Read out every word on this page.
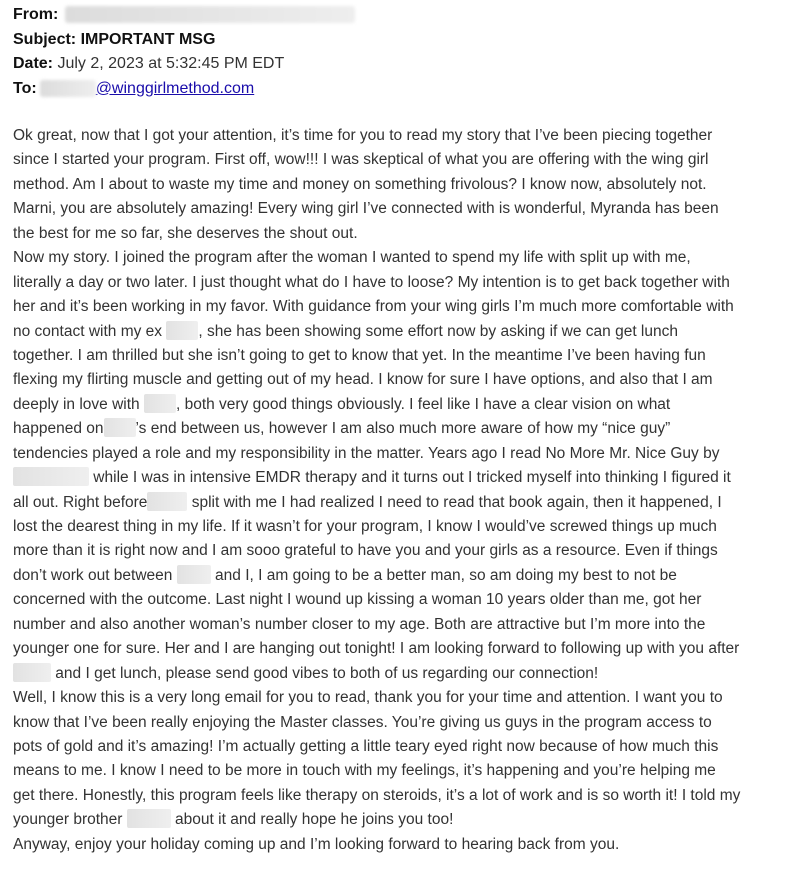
From:
Subject: IMPORTANT MSG
Date: July 2, 2023 at 5:32:45 PM EDT
To:	@winggirlmethod.com
Ok great, now that I got your attention, it’s time for you to read my story that I’ve been piecing together
since I started your program. First off, wow!!! I was skeptical of what you are offering with the wing girl
method. Am I about to waste my time and money on something frivolous? I know now, absolutely not.
Marni, you are absolutely amazing! Every wing girl I’ve connected with is wonderful, Myranda has been
the best for me so far, she deserves the shout out.
Now my story. I joined the program after the woman I wanted to spend my life with split up with me,
literally a day or two later. I just thought what do I have to loose? My intention is to get back together with
her and it’s been working in my favor. With guidance from your wing girls I’m much more comfortable with
no contact with my ex , she has been showing some effort now by asking if we can get lunch
together. I am thrilled but she isn’t going to get to know that yet. In the meantime I’ve been having fun
flexing my flirting muscle and getting out of my head. I know for sure I have options, and also that I am
deeply in love with , both very good things obviously. I feel like I have a clear vision on what
happened on ’s end between us, however I am also much more aware of how my “nice guy”
tendencies played a role and my responsibility in the matter. Years ago I read No More Mr. Nice Guy by
while I was in intensive EMDR therapy and it turns out I tricked myself into thinking I figured it
all out. Right before	split with me I had realized I need to read that book again, then it happened, I
lost the dearest thing in my life. If it wasn’t for your program, I know I would’ve screwed things up much
more than it is right now and I am sooo grateful to have you and your girls as a resource. Even if things
don’t work out between  and I, I am going to be a better man, so am doing my best to not be
concerned with the outcome. Last night I wound up kissing a woman 10 years older than me, got her
number and also another woman’s number closer to my age. Both are attractive but I’m more into the
younger one for sure. Her and I are hanging out tonight! I am looking forward to following up with you after
and I get lunch, please send good vibes to both of us regarding our connection!
Well, I know this is a very long email for you to read, thank you for your time and attention. I want you to
know that I’ve been really enjoying the Master classes. You’re giving us guys in the program access to
pots of gold and it’s amazing! I’m actually getting a little teary eyed right now because of how much this
means to me. I know I need to be more in touch with my feelings, it’s happening and you’re helping me
get there. Honestly, this program feels like therapy on steroids, it’s a lot of work and is so worth it! I told my
younger brother	about it and really hope he joins you too!
Anyway, enjoy your holiday coming up and I’m looking forward to hearing back from you.
